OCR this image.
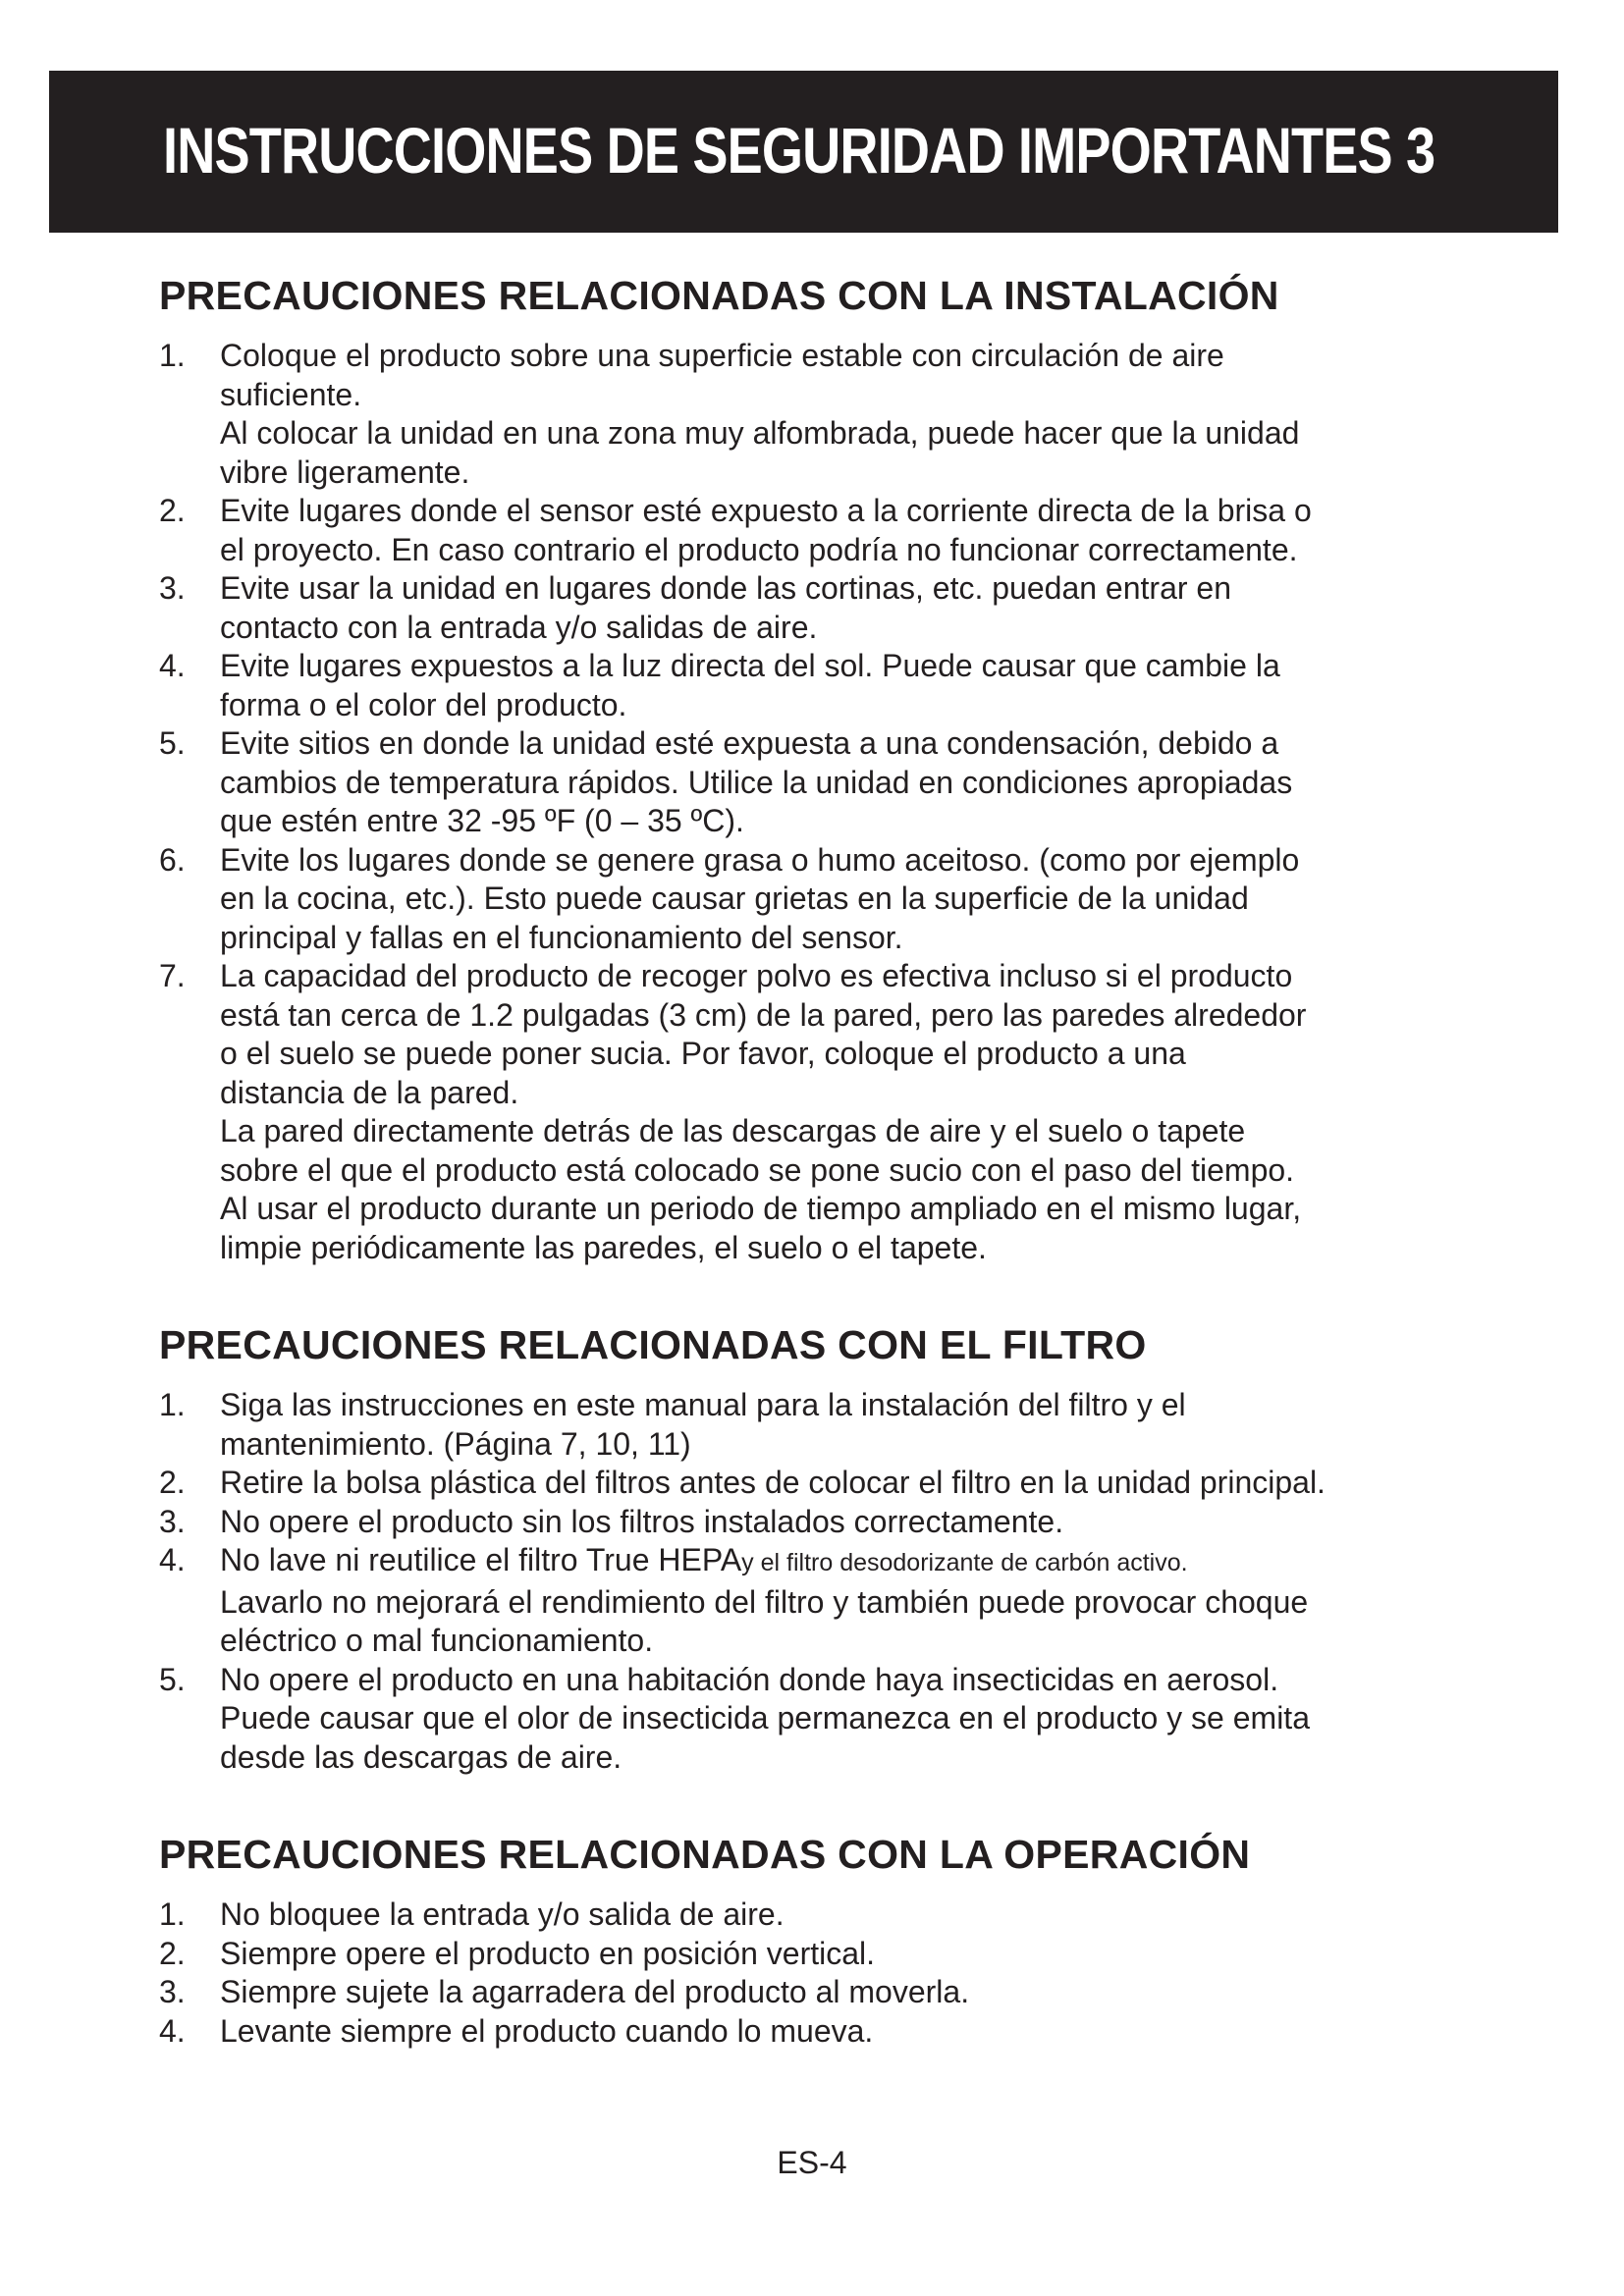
INSTRUCCIONES DE SEGURIDAD IMPORTANTES 3
PRECAUCIONES RELACIONADAS CON LA INSTALACIÓN
1. Coloque el producto sobre una superficie estable con circulación de aire
suficiente.
Al colocar la unidad en una zona muy alfombrada, puede hacer que la unidad
vibre ligeramente.
2. Evite lugares donde el sensor esté expuesto a la corriente directa de la brisa o
el proyecto. En caso contrario el producto podría no funcionar correctamente.
3. Evite usar la unidad en lugares donde las cortinas, etc. puedan entrar en
contacto con la entrada y/o salidas de aire.
4. Evite lugares expuestos a la luz directa del sol. Puede causar que cambie la
forma o el color del producto.
5. Evite sitios en donde la unidad esté expuesta a una condensación, debido a
cambios de temperatura rápidos. Utilice la unidad en condiciones apropiadas
que estén entre 32 -95 ºF (0 – 35 ºC).
6. Evite los lugares donde se genere grasa o humo aceitoso. (como por ejemplo
en la cocina, etc.). Esto puede causar grietas en la superficie de la unidad
principal y fallas en el funcionamiento del sensor.
7. La capacidad del producto de recoger polvo es efectiva incluso si el producto
está tan cerca de 1.2 pulgadas (3 cm) de la pared, pero las paredes alrededor
o el suelo se puede poner sucia. Por favor, coloque el producto a una
distancia de la pared.
La pared directamente detrás de las descargas de aire y el suelo o tapete
sobre el que el producto está colocado se pone sucio con el paso del tiempo.
Al usar el producto durante un periodo de tiempo ampliado en el mismo lugar,
limpie periódicamente las paredes, el suelo o el tapete.
PRECAUCIONES RELACIONADAS CON EL FILTRO
1. Siga las instrucciones en este manual para la instalación del filtro y el
mantenimiento. (Página 7, 10, 11)
2. Retire la bolsa plástica del filtros antes de colocar el filtro en la unidad principal.
3. No opere el producto sin los filtros instalados correctamente.
4. No lave ni reutilice el filtro True HEPAy el filtro desodorizante de carbón activo.
Lavarlo no mejorará el rendimiento del filtro y también puede provocar choque
eléctrico o mal funcionamiento.
5. No opere el producto en una habitación donde haya insecticidas en aerosol.
Puede causar que el olor de insecticida permanezca en el producto y se emita
desde las descargas de aire.
PRECAUCIONES RELACIONADAS CON LA OPERACIÓN
1. No bloquee la entrada y/o salida de aire.
2. Siempre opere el producto en posición vertical.
3. Siempre sujete la agarradera del producto al moverla.
4. Levante siempre el producto cuando lo mueva.
ES-4
